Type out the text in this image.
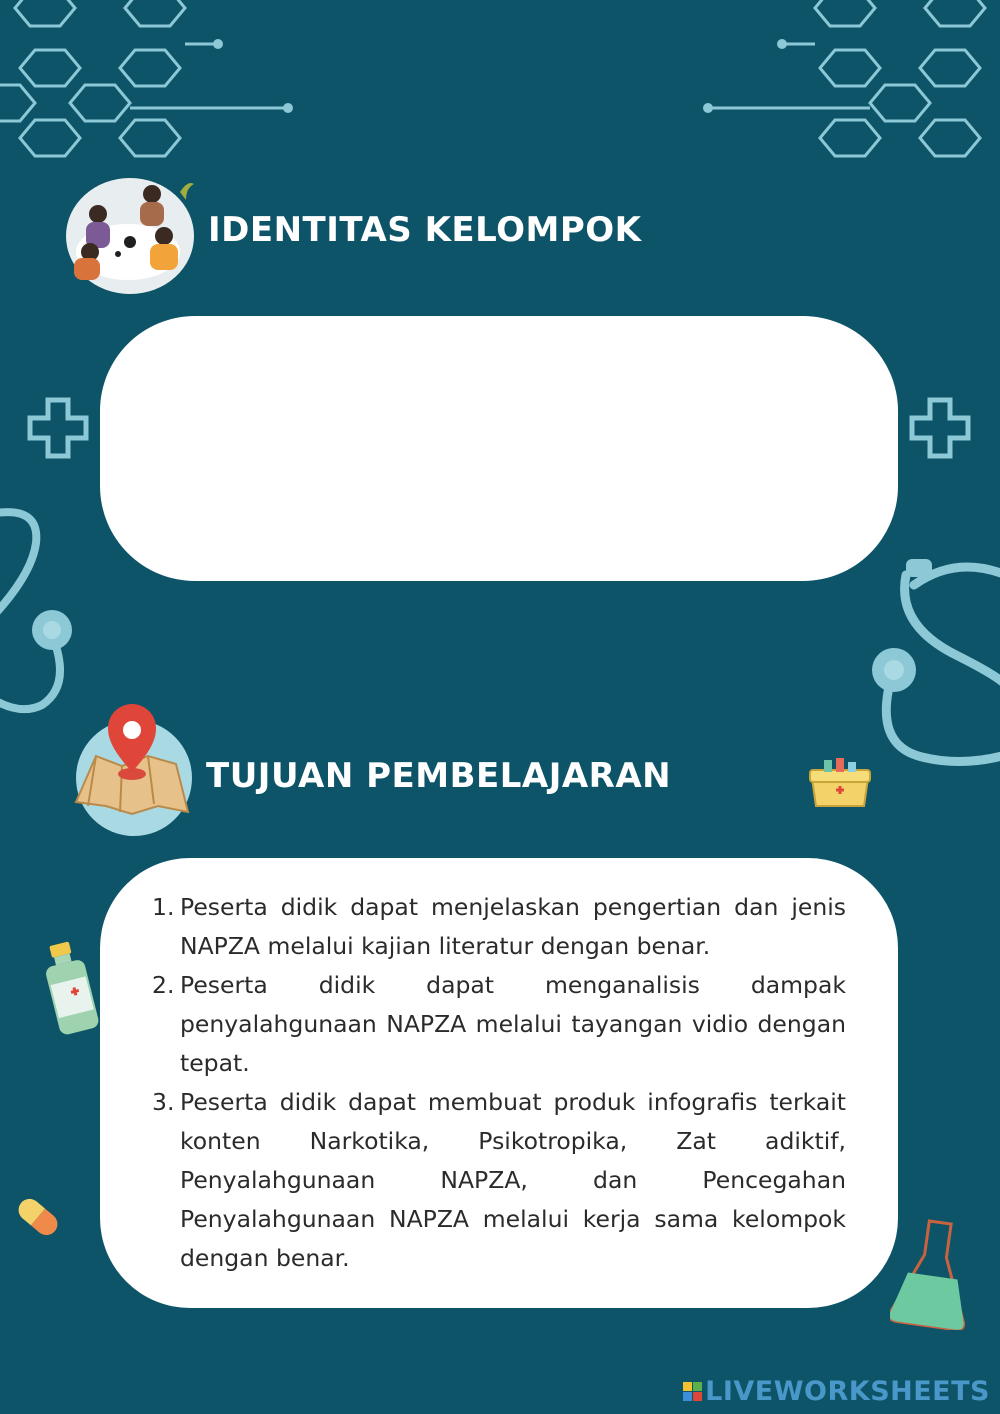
IDENTITAS KELOMPOK
TUJUAN PEMBELAJARAN
1. Peserta didik dapat menjelaskan pengertian dan jenis NAPZA melalui kajian literatur dengan benar.
2. Peserta didik dapat menganalisis dampak penyalahgunaan NAPZA melalui tayangan vidio dengan tepat.
3. Peserta didik dapat membuat produk infografis terkait konten Narkotika, Psikotropika, Zat adiktif, Penyalahgunaan NAPZA, dan Pencegahan Penyalahgunaan NAPZA melalui kerja sama kelompok dengan benar.
LIVEWORKSHEETS
